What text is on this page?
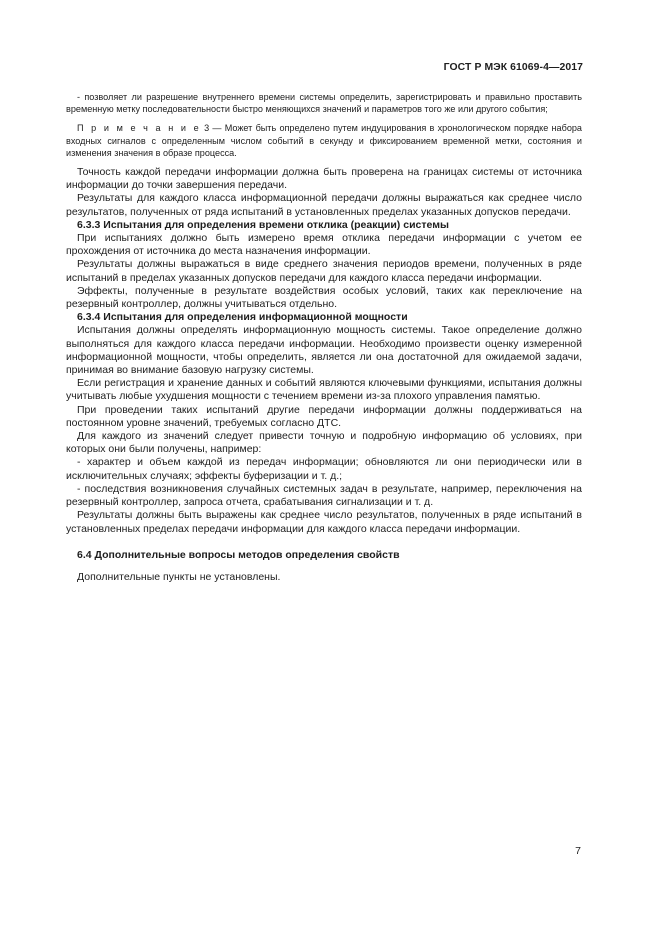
ГОСТ Р МЭК 61069-4—2017

- позволяет ли разрешение внутреннего времени системы определить, зарегистрировать и правильно проставить временную метку последовательности быстро меняющихся значений и параметров того же или другого события;

П р и м е ч а н и е 3 — Может быть определено путем индуцирования в хронологическом порядке набора входных сигналов с определенным числом событий в секунду и фиксированием временной метки, состояния и изменения значения в образе процесса.

Точность каждой передачи информации должна быть проверена на границах системы от источника информации до точки завершения передачи.

Результаты для каждого класса информационной передачи должны выражаться как среднее число результатов, полученных от ряда испытаний в установленных пределах указанных допусков передачи.

6.3.3 Испытания для определения времени отклика (реакции) системы

При испытаниях должно быть измерено время отклика передачи информации с учетом ее прохождения от источника до места назначения информации.

Результаты должны выражаться в виде среднего значения периодов времени, полученных в ряде испытаний в пределах указанных допусков передачи для каждого класса передачи информации.

Эффекты, полученные в результате воздействия особых условий, таких как переключение на резервный контроллер, должны учитываться отдельно.

6.3.4 Испытания для определения информационной мощности

Испытания должны определять информационную мощность системы. Такое определение должно выполняться для каждого класса передачи информации. Необходимо произвести оценку измеренной информационной мощности, чтобы определить, является ли она достаточной для ожидаемой задачи, принимая во внимание базовую нагрузку системы.

Если регистрация и хранение данных и событий являются ключевыми функциями, испытания должны учитывать любые ухудшения мощности с течением времени из-за плохого управления памятью.

При проведении таких испытаний другие передачи информации должны поддерживаться на постоянном уровне значений, требуемых согласно ДТС.

Для каждого из значений следует привести точную и подробную информацию об условиях, при которых они были получены, например:

- характер и объем каждой из передач информации; обновляются ли они периодически или в исключительных случаях; эффекты буферизации и т. д.;

- последствия возникновения случайных системных задач в результате, например, переключения на резервный контроллер, запроса отчета, срабатывания сигнализации и т. д.

Результаты должны быть выражены как среднее число результатов, полученных в ряде испытаний в установленных пределах передачи информации для каждого класса передачи информации.

6.4 Дополнительные вопросы методов определения свойств

Дополнительные пункты не установлены.

7
